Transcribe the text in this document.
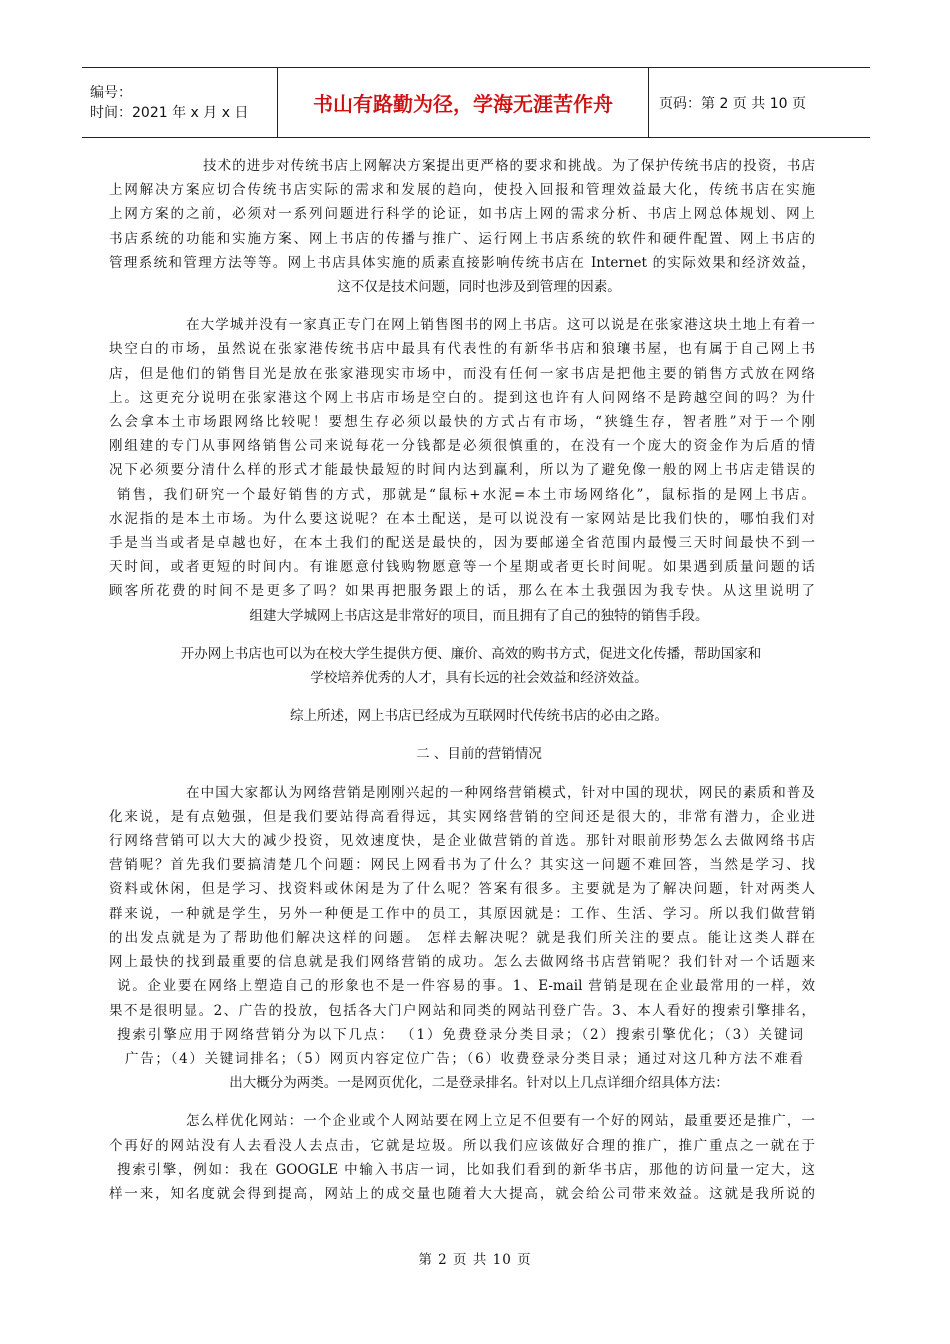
编号：
时间：2021 年 x 月 x 日	书山有路勤为径，学海无涯苦作舟	页码：第 2 页 共 10 页
技术的进步对传统书店上网解决方案提出更严格的要求和挑战。为了保护传统书店的投资，书店
上网解决方案应切合传统书店实际的需求和发展的趋向，使投入回报和管理效益最大化，传统书店在实施
上网方案的之前，必须对一系列问题进行科学的论证，如书店上网的需求分析、书店上网总体规划、网上
书店系统的功能和实施方案、网上书店的传播与推广、运行网上书店系统的软件和硬件配置、网上书店的
管理系统和管理方法等等。网上书店具体实施的质素直接影响传统书店在 Internet 的实际效果和经济效益，
这不仅是技术问题，同时也涉及到管理的因素。
在大学城并没有一家真正专门在网上销售图书的网上书店。这可以说是在张家港这块土地上有着一
块空白的市场，虽然说在张家港传统书店中最具有代表性的有新华书店和狼瓖书屋，也有属于自己网上书
店，但是他们的销售目光是放在张家港现实市场中，而没有任何一家书店是把他主要的销售方式放在网络
上。这更充分说明在张家港这个网上书店市场是空白的。提到这也许有人问网络不是跨越空间的吗？为什
么会拿本土市场跟网络比较呢！要想生存必须以最快的方式占有市场，“狭缝生存，智者胜”对于一个刚
刚组建的专门从事网络销售公司来说每花一分钱都是必须很慎重的，在没有一个庞大的资金作为后盾的情
况下必须要分清什么样的形式才能最快最短的时间内达到赢利，所以为了避免像一般的网上书店走错误的
销售，我们研究一个最好销售的方式，那就是“鼠标+水泥=本土市场网络化”，鼠标指的是网上书店。
水泥指的是本土市场。为什么要这说呢？在本土配送，是可以说没有一家网站是比我们快的，哪怕我们对
手是当当或者是卓越也好，在本土我们的配送是最快的，因为要邮递全省范围内最慢三天时间最快不到一
天时间，或者更短的时间内。有谁愿意付钱购物愿意等一个星期或者更长时间呢。如果遇到质量问题的话
顾客所花费的时间不是更多了吗？如果再把服务跟上的话，那么在本土我强因为我专快。从这里说明了
组建大学城网上书店这是非常好的项目，而且拥有了自己的独特的销售手段。
开办网上书店也可以为在校大学生提供方便、廉价、高效的购书方式，促进文化传播，帮助国家和
学校培养优秀的人才，具有长远的社会效益和经济效益。
综上所述，网上书店已经成为互联网时代传统书店的必由之路。
二 、目前的营销情况
在中国大家都认为网络营销是刚刚兴起的一种网络营销模式，针对中国的现状，网民的素质和普及
化来说，是有点勉强，但是我们要站得高看得远，其实网络营销的空间还是很大的，非常有潜力，企业进
行网络营销可以大大的减少投资，见效速度快，是企业做营销的首选。那针对眼前形势怎么去做网络书店
营销呢？首先我们要搞清楚几个问题：网民上网看书为了什么？其实这一问题不难回答，当然是学习、找
资料或休闲，但是学习、找资料或休闲是为了什么呢？答案有很多。主要就是为了解决问题，针对两类人
群来说，一种就是学生，另外一种便是工作中的员工，其原因就是：工作、生活、学习。所以我们做营销
的出发点就是为了帮助他们解决这样的问题。 怎样去解决呢？就是我们所关注的要点。能让这类人群在
网上最快的找到最重要的信息就是我们网络营销的成功。怎么去做网络书店营销呢？我们针对一个话题来
说。企业要在网络上塑造自己的形象也不是一件容易的事。1、E-mail 营销是现在企业最常用的一样，效
果不是很明显。2、广告的投放，包括各大门户网站和同类的网站刊登广告。3、本人看好的搜索引擎排名，
搜索引擎应用于网络营销分为以下几点： （1）免费登录分类目录；（2）搜索引擎优化；（3）关键词
广告；（4）关键词排名；（5）网页内容定位广告；（6）收费登录分类目录；通过对这几种方法不难看
出大概分为两类。一是网页优化，二是登录排名。针对以上几点详细介绍具体方法：
怎么样优化网站：一个企业或个人网站要在网上立足不但要有一个好的网站，最重要还是推广，一
个再好的网站没有人去看没人去点击，它就是垃圾。所以我们应该做好合理的推广，推广重点之一就在于
搜索引擎，例如：我在 GOOGLE 中输入书店一词，比如我们看到的新华书店，那他的访问量一定大，这
样一来，知名度就会得到提高，网站上的成交量也随着大大提高，就会给公司带来效益。这就是我所说的
第 2 页 共 10 页
